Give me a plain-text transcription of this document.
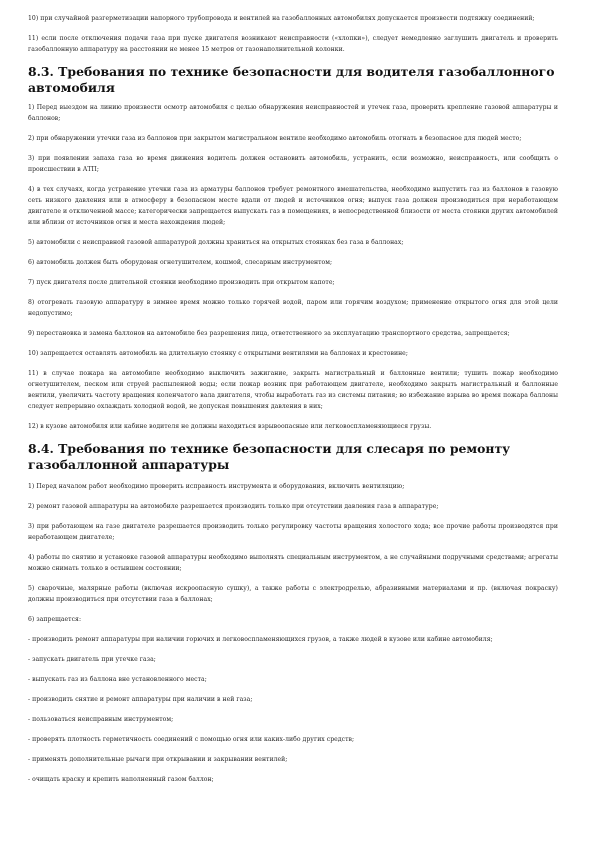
10) при случайной разгерметизации напорного трубопровода и вентилей на газобаллонных автомобилях допускается произвести подтяжку соединений;

11) если после отключения подачи газа при пуске двигателя возникают неисправности («хлопки»), следует немедленно заглушить двигатель и проверить газобаллонную аппаратуру на расстоянии не менее 15 метров от газонаполнительной колонки.

8.3. Требования по технике безопасности для водителя газобаллонного автомобиля

1) Перед выездом на линию произвести осмотр автомобиля с целью обнаружения неисправностей и утечек газа, проверить крепление газовой аппаратуры и баллонов;

2) при обнаружении утечки газа из баллонов при закрытом магистральном вентиле необходимо автомобиль отогнать в безопасное для людей место;

3) при появлении запаха газа во время движения водитель должен остановить автомобиль, устранить, если возможно, неисправность, или сообщить о происшествии в АТП;

4) в тех случаях, когда устранение утечки газа из арматуры баллонов требует ремонтного вмешательства, необходимо выпустить газ из баллонов в газовую сеть низкого давления или в атмосферу в безопасном месте вдали от людей и источников огня; выпуск газа должен производиться при неработающем двигателе и отключенной массе; категорически запрещается выпускать газ в помещениях, в непосредственной близости от места стоянки других автомобилей или вблизи от источников огня и места нахождения людей;

5) автомобили с неисправной газовой аппаратурой должны храниться на открытых стоянках без газа в баллонах;

6) автомобиль должен быть оборудован огнетушителем, кошмой, слесарным инструментом;

7) пуск двигателя после длительной стоянки необходимо производить при открытом капоте;

8) отогревать газовую аппаратуру в зимнее время можно только горячей водой, паром или горячим воздухом; применение открытого огня для этой цели недопустимо;

9) перестановка и замена баллонов на автомобиле без разрешения лица, ответственного за эксплуатацию транспортного средства, запрещается;

10) запрещается оставлять автомобиль на длительную стоянку с открытыми вентилями на баллонах и крестовине;

11) в случае пожара на автомобиле необходимо выключить зажигание, закрыть магистральный и баллонные вентили; тушить пожар необходимо огнетушителем, песком или струей распыленной воды; если пожар возник при работающем двигателе, необходимо закрыть магистральный и баллонные вентили, увеличить частоту вращения коленчатого вала двигателя, чтобы выработать газ из системы питания; во избежание взрыва во время пожара баллоны следует непрерывно охлаждать холодной водой, не допуская повышения давления в них;

12) в кузове автомобиля или кабине водителя не должны находиться взрывоопасные или легковоспламеняющиеся грузы.

8.4. Требования по технике безопасности для слесаря по ремонту газобаллонной аппаратуры

1) Перед началом работ необходимо проверить исправность инструмента и оборудования, включить вентиляцию;

2) ремонт газовой аппаратуры на автомобиле разрешается производить только при отсутствии давления газа в аппаратуре;

3) при работающем на газе двигателе разрешается производить только регулировку частоты вращения холостого хода; все прочие работы производятся при неработающем двигателе;

4) работы по снятию и установке газовой аппаратуры необходимо выполнять специальным инструментом, а не случайными подручными средствами; агрегаты можно снимать только в остывшем состоянии;

5) сварочные, малярные работы (включая искроопасную сушку), а также работы с электродрелью, абразивными материалами и пр. (включая покраску) должны производиться при отсутствии газа в баллонах;

6) запрещается:

- производить ремонт аппаратуры при наличии горючих и легковоспламеняющихся грузов, а также людей в кузове или кабине автомобиля;

- запускать двигатель при утечке газа;

- выпускать газ из баллона вне установленного места;

- производить снятие и ремонт аппаратуры при наличии в ней газа;

- пользоваться неисправным инструментом;

- проверять плотность герметичность соединений с помощью огня или каких-либо других средств;

- применять дополнительные рычаги при открывании и закрывании вентилей;

- очищать краску и крепить наполненный газом баллон;
